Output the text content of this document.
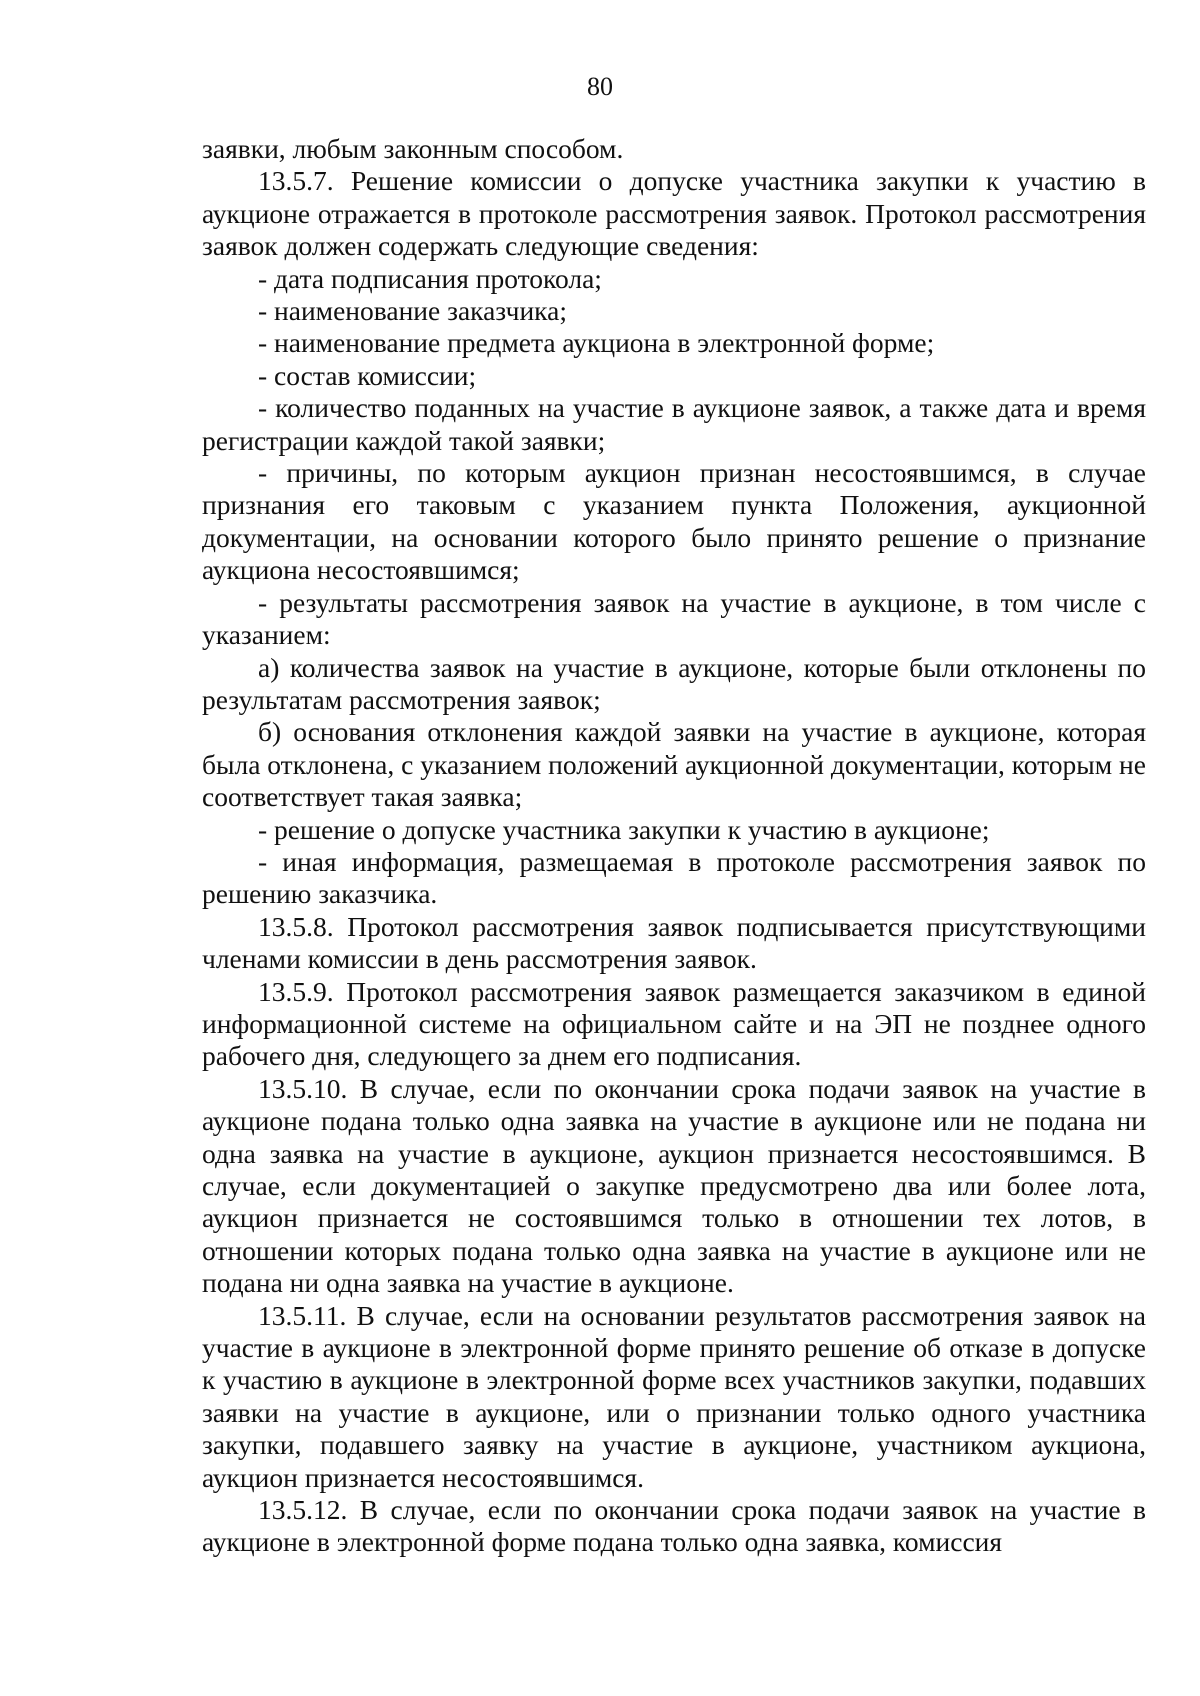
80

заявки, любым законным способом.

13.5.7. Решение комиссии о допуске участника закупки к участию в аукционе отражается в протоколе рассмотрения заявок. Протокол рассмотрения заявок должен содержать следующие сведения:

- дата подписания протокола;

- наименование заказчика;

- наименование предмета аукциона в электронной форме;

- состав комиссии;

- количество поданных на участие в аукционе заявок, а также дата и время регистрации каждой такой заявки;

- причины, по которым аукцион признан несостоявшимся, в случае признания его таковым с указанием пункта Положения, аукционной документации, на основании которого было принято решение о признание аукциона несостоявшимся;

- результаты рассмотрения заявок на участие в аукционе, в том числе с указанием:

а) количества заявок на участие в аукционе, которые были отклонены по результатам рассмотрения заявок;

б) основания отклонения каждой заявки на участие в аукционе, которая была отклонена, с указанием положений аукционной документации, которым не соответствует такая заявка;

- решение о допуске участника закупки к участию в аукционе;

- иная информация, размещаемая в протоколе рассмотрения заявок по решению заказчика.

13.5.8. Протокол рассмотрения заявок подписывается присутствующими членами комиссии в день рассмотрения заявок.

13.5.9. Протокол рассмотрения заявок размещается заказчиком в единой информационной системе на официальном сайте и на ЭП не позднее одного рабочего дня, следующего за днем его подписания.

13.5.10. В случае, если по окончании срока подачи заявок на участие в аукционе подана только одна заявка на участие в аукционе или не подана ни одна заявка на участие в аукционе, аукцион признается несостоявшимся. В случае, если документацией о закупке предусмотрено два или более лота, аукцион признается не состоявшимся только в отношении тех лотов, в отношении которых подана только одна заявка на участие в аукционе или не подана ни одна заявка на участие в аукционе.

13.5.11. В случае, если на основании результатов рассмотрения заявок на участие в аукционе в электронной форме принято решение об отказе в допуске к участию в аукционе в электронной форме всех участников закупки, подавших заявки на участие в аукционе, или о признании только одного участника закупки, подавшего заявку на участие в аукционе, участником аукциона, аукцион признается несостоявшимся.

13.5.12. В случае, если по окончании срока подачи заявок на участие в аукционе в электронной форме подана только одна заявка, комиссия
